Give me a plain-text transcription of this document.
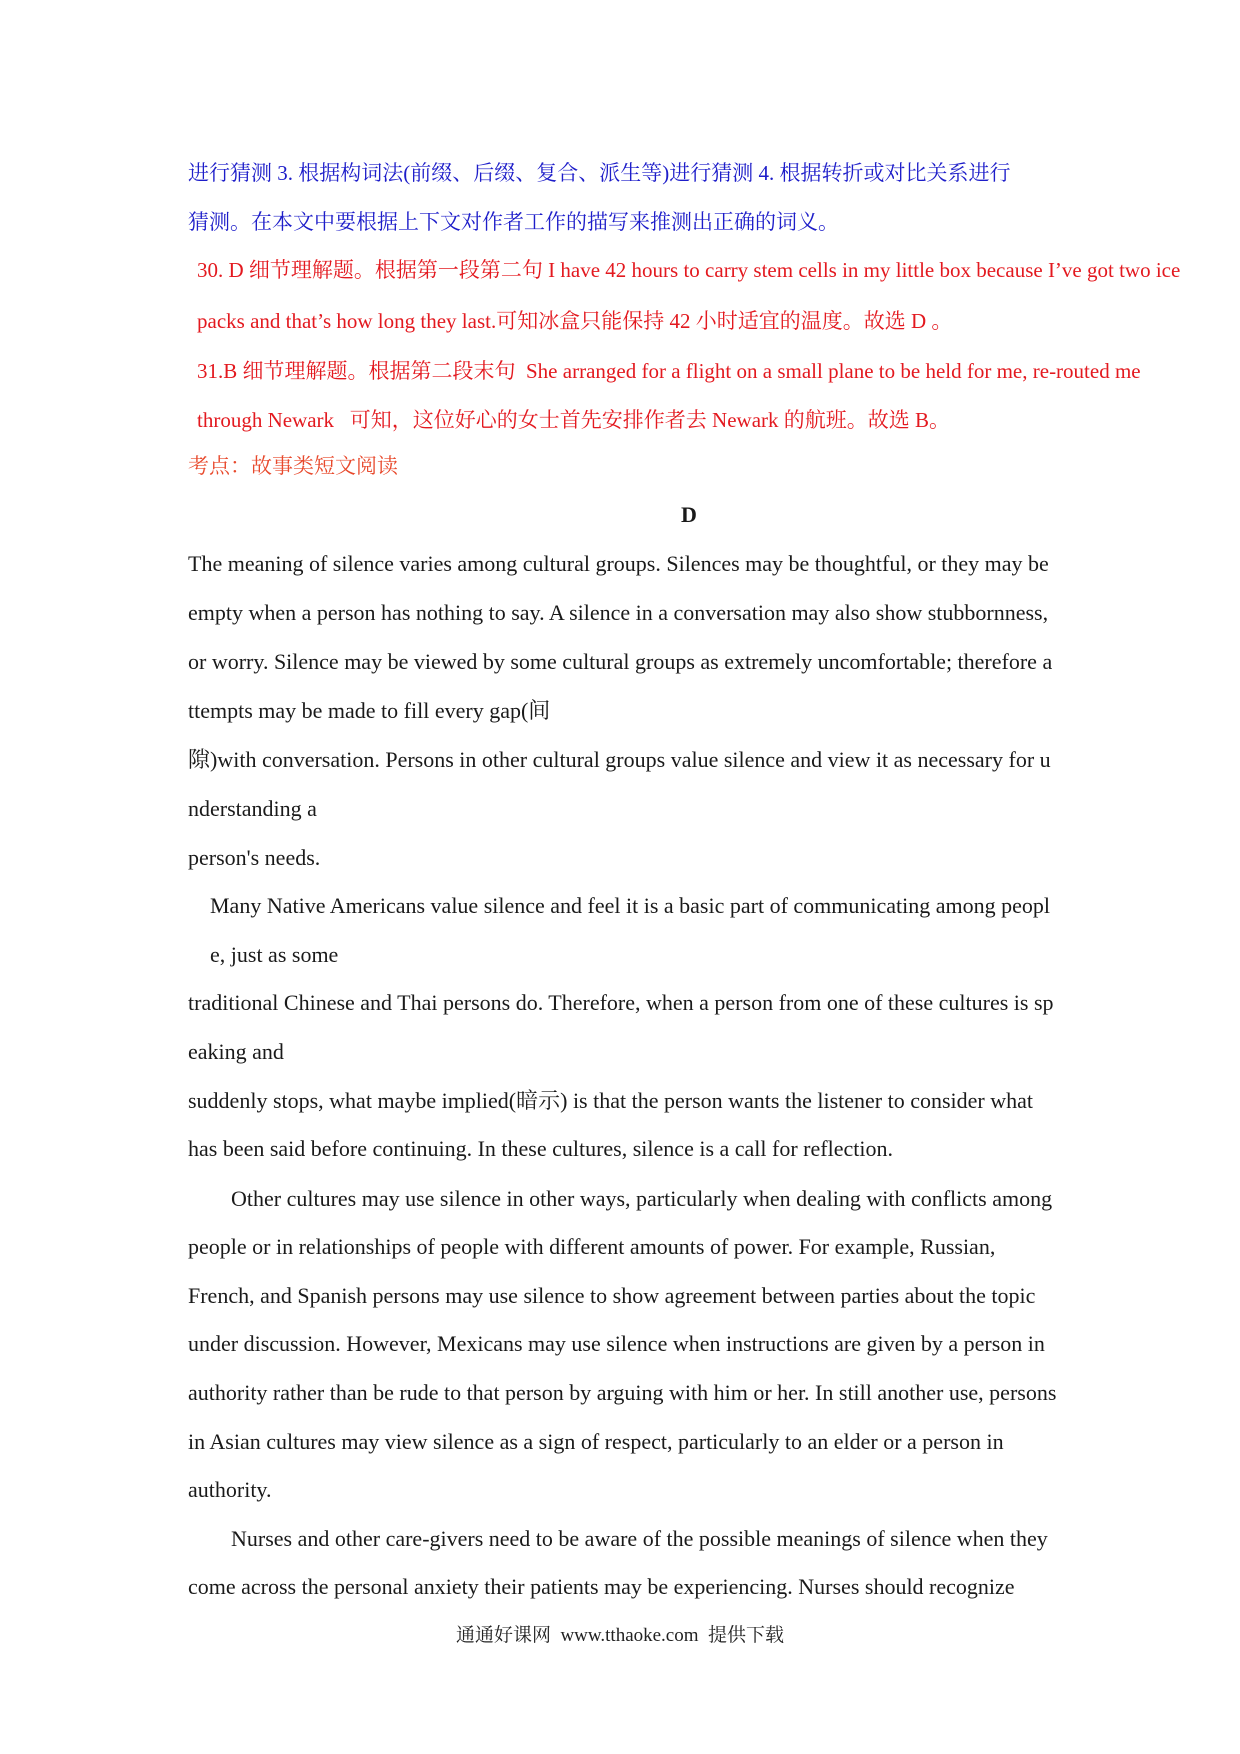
进行猜测 3. 根据构词法(前缀、后缀、复合、派生等)进行猜测 4. 根据转折或对比关系进行
猜测。在本文中要根据上下文对作者工作的描写来推测出正确的词义。
30. D 细节理解题。根据第一段第二句 I have 42 hours to carry stem cells in my little box because I’ve got two ice
packs and that’s how long they last.可知冰盒只能保持 42 小时适宜的温度。故选 D 。
31.B 细节理解题。根据第二段末句  She arranged for a flight on a small plane to be held for me, re-routed me
through Newark   可知，这位好心的女士首先安排作者去 Newark 的航班。故选 B。
考点：故事类短文阅读
D
The meaning of silence varies among cultural groups. Silences may be thoughtful, or they may be
empty when a person has nothing to say. A silence in a conversation may also show stubbornness,
or worry. Silence may be viewed by some cultural groups as extremely uncomfortable; therefore a
ttempts may be made to fill every gap(间
隙)with conversation. Persons in other cultural groups value silence and view it as necessary for u
nderstanding a
person's needs.
Many Native Americans value silence and feel it is a basic part of communicating among peopl
e, just as some
traditional Chinese and Thai persons do. Therefore, when a person from one of these cultures is sp
eaking and
suddenly stops, what maybe implied(暗示) is that the person wants the listener to consider what
has been said before continuing. In these cultures, silence is a call for reflection.
Other cultures may use silence in other ways, particularly when dealing with conflicts among
people or in relationships of people with different amounts of power. For example, Russian,
French, and Spanish persons may use silence to show agreement between parties about the topic
under discussion. However, Mexicans may use silence when instructions are given by a person in
authority rather than be rude to that person by arguing with him or her. In still another use, persons
in Asian cultures may view silence as a sign of respect, particularly to an elder or a person in
authority.
Nurses and other care-givers need to be aware of the possible meanings of silence when they
come across the personal anxiety their patients may be experiencing. Nurses should recognize
通通好课网  www.tthaoke.com  提供下载
